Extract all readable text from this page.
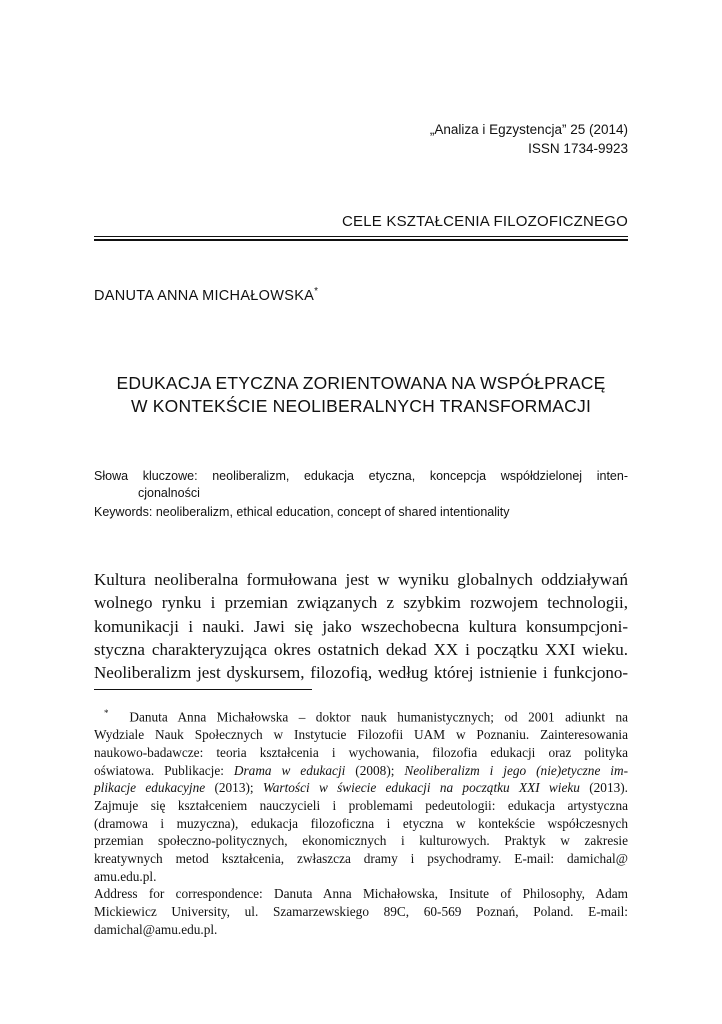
„Analiza i Egzystencja” 25 (2014)
ISSN 1734-9923
CELE KSZTAŁCENIA FILOZOFICZNEGO
DANUTA ANNA MICHAŁOWSKA*
EDUKACJA ETYCZNA ZORIENTOWANA NA WSPÓŁPRACĘ
W KONTEKŚCIE NEOLIBERALNYCH TRANSFORMACJI
Słowa kluczowe: neoliberalizm, edukacja etyczna, koncepcja współdzielonej inten-
cjonalności
Keywords: neoliberalizm, ethical education, concept of shared intentionality
Kultura neoliberalna formułowana jest w wyniku globalnych oddziaływań
wolnego rynku i przemian związanych z szybkim rozwojem technologii,
komunikacji i nauki. Jawi się jako wszechobecna kultura konsumpcjoni-
styczna charakteryzująca okres ostatnich dekad XX i początku XXI wieku.
Neoliberalizm jest dyskursem, filozofią, według której istnienie i funkcjono-
* Danuta Anna Michałowska – doktor nauk humanistycznych; od 2001 adiunkt na
Wydziale Nauk Społecznych w Instytucie Filozofii UAM w Poznaniu. Zainteresowania
naukowo-badawcze: teoria kształcenia i wychowania, filozofia edukacji oraz polityka
oświatowa. Publikacje: Drama w edukacji (2008); Neoliberalizm i jego (nie)etyczne im-
plikacje edukacyjne (2013); Wartości w świecie edukacji na początku XXI wieku (2013).
Zajmuje się kształceniem nauczycieli i problemami pedeutologii: edukacja artystyczna
(dramowa i muzyczna), edukacja filozoficzna i etyczna w kontekście współczesnych
przemian społeczno-politycznych, ekonomicznych i kulturowych. Praktyk w zakresie
kreatywnych metod kształcenia, zwłaszcza dramy i psychodramy. E-mail: damichal@
amu.edu.pl.
Address for correspondence: Danuta Anna Michałowska, Insitute of Philosophy, Adam
Mickiewicz University, ul. Szamarzewskiego 89C, 60-569 Poznań, Poland. E-mail:
damichal@amu.edu.pl.
